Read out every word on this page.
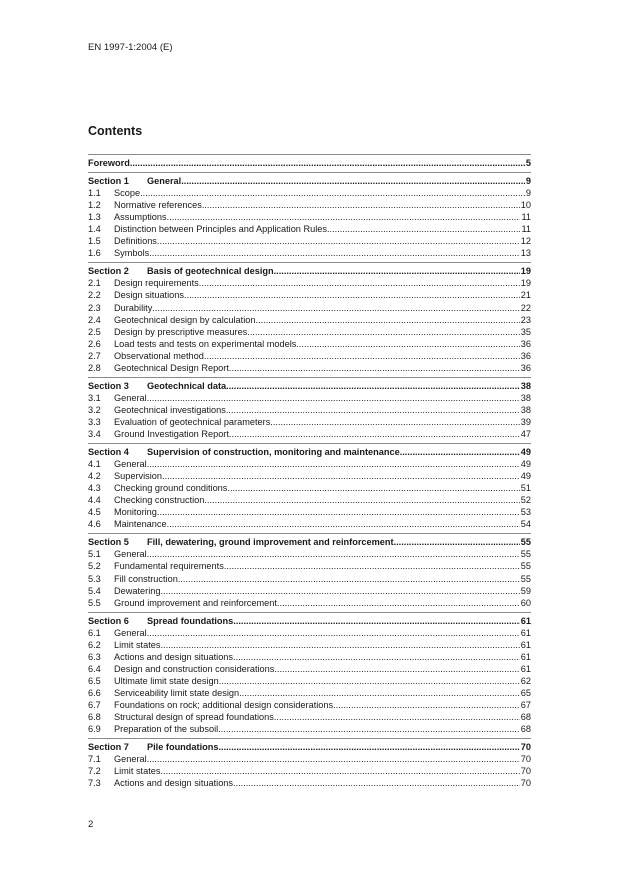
EN 1997-1:2004 (E)
Contents
Foreword .....	5
Section 1 General .....	9
1.1	Scope .....	9
1.2	Normative references .....	10
1.3	Assumptions .....	11
1.4	Distinction between Principles and Application Rules .....	11
1.5	Definitions .....	12
1.6	Symbols .....	13
Section 2 Basis of geotechnical design .....	19
2.1	Design requirements .....	19
2.2	Design situations .....	21
2.3	Durability .....	22
2.4	Geotechnical design by calculation .....	23
2.5	Design by prescriptive measures .....	35
2.6	Load tests and tests on experimental models .....	36
2.7	Observational method .....	36
2.8	Geotechnical Design Report .....	36
Section 3 Geotechnical data .....	38
3.1	General .....	38
3.2	Geotechnical investigations .....	38
3.3	Evaluation of geotechnical parameters .....	39
3.4	Ground Investigation Report .....	47
Section 4 Supervision of construction, monitoring and maintenance .....	49
4.1	General .....	49
4.2	Supervision .....	49
4.3	Checking ground conditions .....	51
4.4	Checking construction .....	52
4.5	Monitoring .....	53
4.6	Maintenance .....	54
Section 5 Fill, dewatering, ground improvement and reinforcement .....	55
5.1	General .....	55
5.2	Fundamental requirements .....	55
5.3	Fill construction .....	55
5.4	Dewatering .....	59
5.5	Ground improvement and reinforcement .....	60
Section 6 Spread foundations .....	61
6.1	General .....	61
6.2	Limit states .....	61
6.3	Actions and design situations .....	61
6.4	Design and construction considerations .....	61
6.5	Ultimate limit state design .....	62
6.6	Serviceability limit state design .....	65
6.7	Foundations on rock; additional design considerations .....	67
6.8	Structural design of spread foundations .....	68
6.9	Preparation of the subsoil .....	68
Section 7 Pile foundations .....	70
7.1	General .....	70
7.2	Limit states .....	70
7.3	Actions and design situations .....	70
2
